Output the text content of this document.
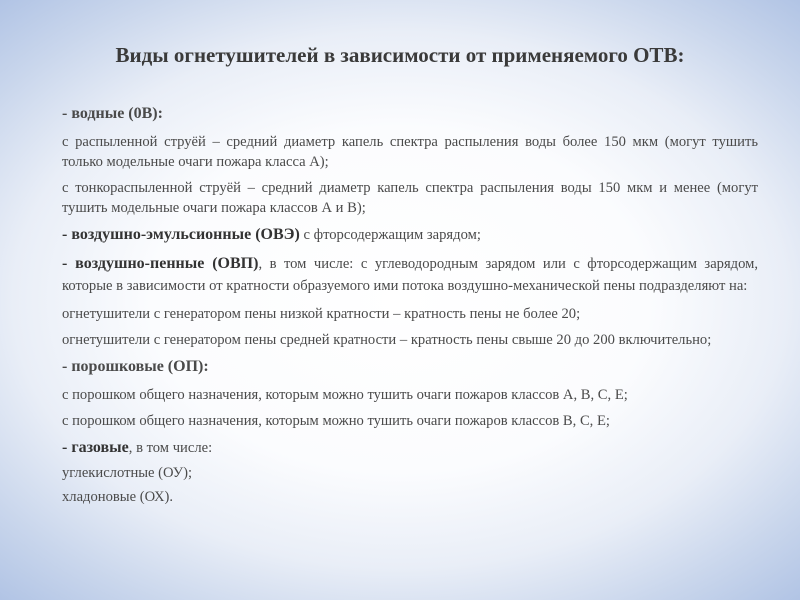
Виды огнетушителей в зависимости от применяемого ОТВ:

- водные (0В):

с распыленной струёй – средний диаметр капель спектра распыления воды более 150 мкм (могут тушить только модельные очаги пожара класса А);

с тонкораспыленной струёй – средний диаметр капель спектра распыления воды 150 мкм и менее (могут тушить модельные очаги пожара классов А и В);

- воздушно-эмульсионные (ОВЭ) с фторсодержащим зарядом;

- воздушно-пенные (ОВП), в том числе: с углеводородным зарядом или с фторсодержащим зарядом, которые в зависимости от кратности образуемого ими потока воздушно-механической пены подразделяют на:

огнетушители с генератором пены низкой кратности – кратность пены не более 20;

огнетушители с генератором пены средней кратности – кратность пены свыше 20 до 200 включительно;

- порошковые (ОП):

с порошком общего назначения, которым можно тушить очаги пожаров классов А, В, С, Е;

с порошком общего назначения, которым можно тушить очаги пожаров классов В, С, Е;

- газовые, в том числе:

углекислотные (ОУ);

хладоновые (ОХ).
